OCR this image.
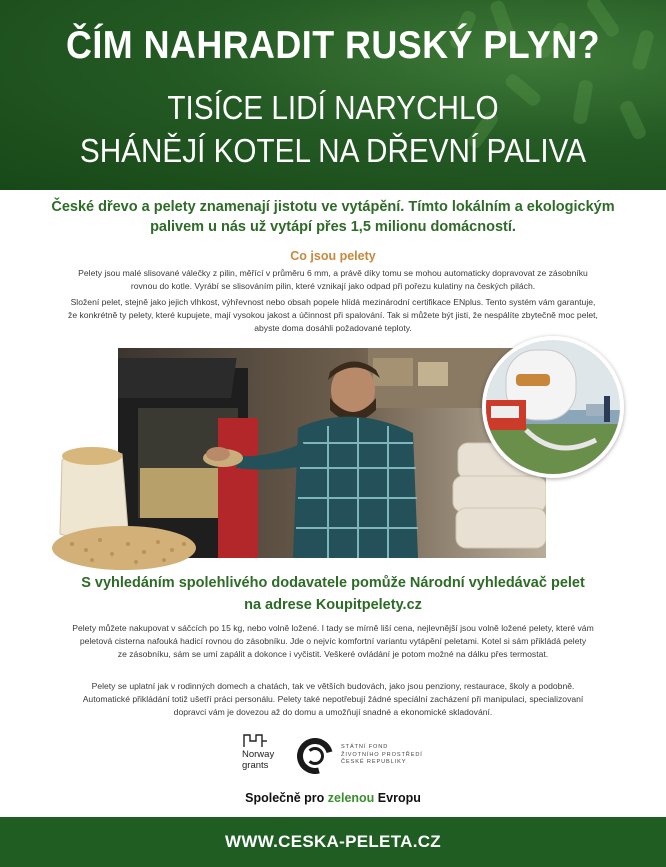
ČÍM NAHRADIT RUSKÝ PLYN?
TISÍCE LIDÍ NARYCHLO
SHÁNĚJÍ KOTEL NA DŘEVNÍ PALIVA
České dřevo a pelety znamenají jistotu ve vytápění. Tímto lokálním a ekologickým
palivem u nás už vytápí přes 1,5 milionu domácností.
Co jsou pelety
Pelety jsou malé slisované válečky z pilin, měřící v průměru 6 mm, a právě díky tomu se mohou automaticky dopravovat ze zásobníku
rovnou do kotle. Vyrábí se slisováním pilin, které vznikají jako odpad při pořezu kulatiny na českých pilách.
Složení pelet, stejně jako jejich vlhkost, výhřevnost nebo obsah popele hlídá mezinárodní certifikace ENplus. Tento systém vám garantuje,
že konkrétně ty pelety, které kupujete, mají vysokou jakost a účinnost při spalování. Tak si můžete být jisti, že nespálíte zbytečně moc pelet,
abyste doma dosáhli požadované teploty.
S vyhledáním spolehlivého dodavatele pomůže Národní vyhledávač pelet
na adrese Koupitpelety.cz
Pelety můžete nakupovat v sáčcích po 15 kg, nebo volně ložené. I tady se mírně liší cena, nejlevnější jsou volně ložené pelety, které vám
peletová cisterna nafouká hadicí rovnou do zásobníku. Jde o nejvíc komfortní variantu vytápění peletami. Kotel si sám přikládá pelety
ze zásobníku, sám se umí zapálit a dokonce i vyčistit. Veškeré ovládání je potom možné na dálku přes termostat.
Pelety se uplatní jak v rodinných domech a chatách, tak ve větších budovách, jako jsou penziony, restaurace, školy a podobně.
Automatické přikládání totiž ušetří práci personálu. Pelety také nepotřebují žádné speciální zacházení při manipulaci, specializovaní
dopravci vám je dovezou až do domu a umožňují snadné a ekonomické skladování.
Norway
grants
STÁTNÍ FOND
ŽIVOTNÍHO PROSTŘEDÍ
ČESKÉ REPUBLIKY
Společně pro zelenou Evropu
WWW.CESKA-PELETA.CZ
